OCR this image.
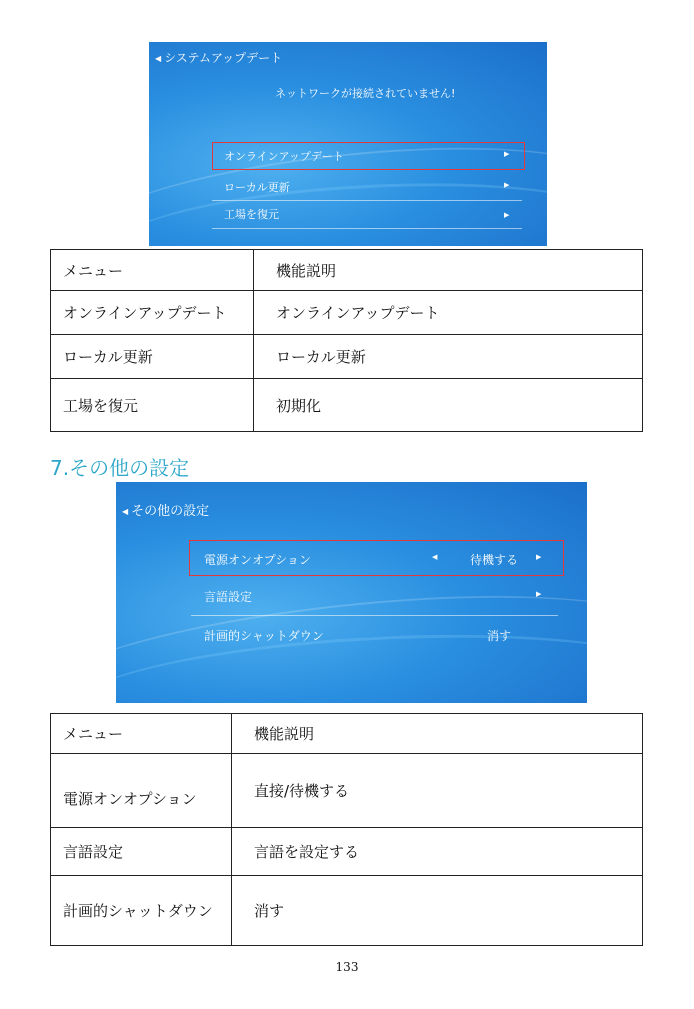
◀ システムアップデート
ネットワークが接続されていません!
オンラインアップデート	▶
ローカル更新	▶
工場を復元	▶
メニュー	機能説明
オンラインアップデート	オンラインアップデート
ローカル更新	ローカル更新
工場を復元	初期化
7.その他の設定
◀ その他の設定
電源オンオプション	◀	待機する	▶
言語設定	▶
計画的シャットダウン	消す
メニュー	機能説明
電源オンオプション	直接/待機する
言語設定	言語を設定する
計画的シャットダウン	消す
133
